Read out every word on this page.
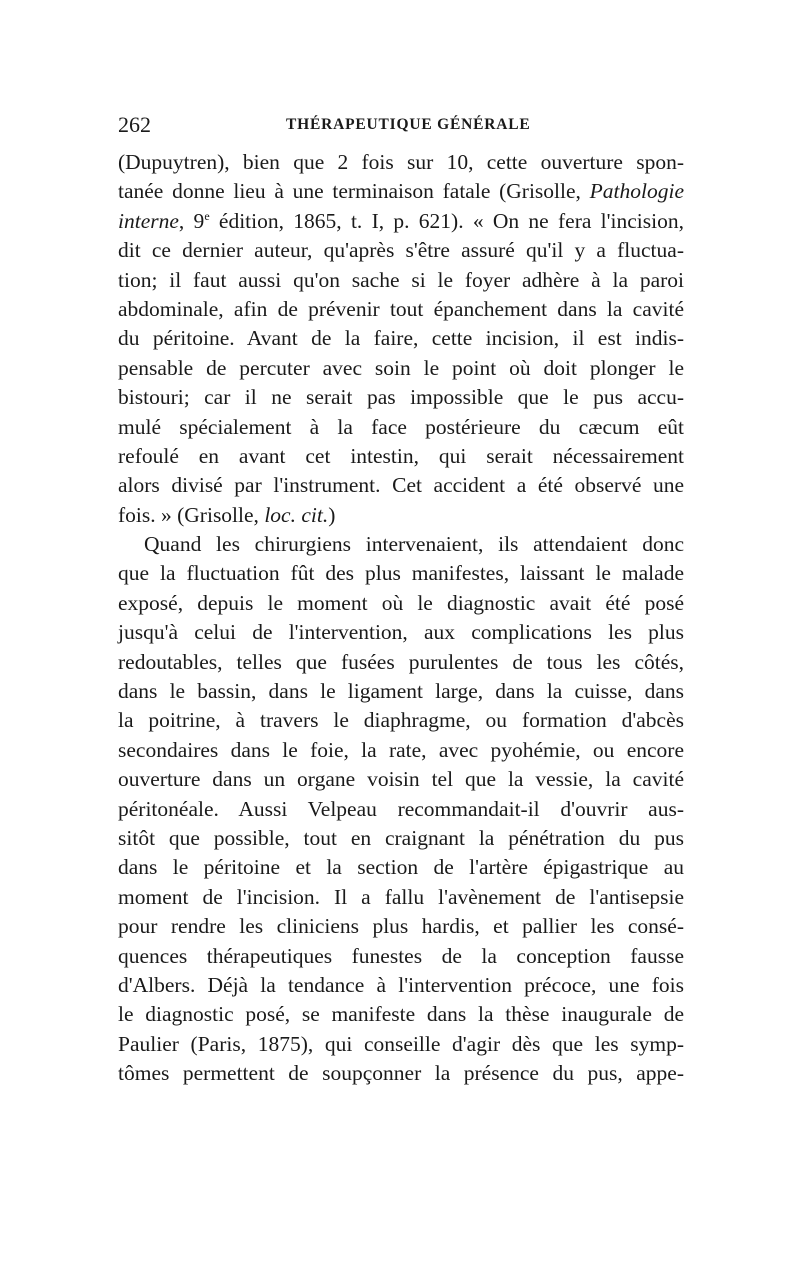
262	THÉRAPEUTIQUE GÉNÉRALE
(Dupuytren), bien que 2 fois sur 10, cette ouverture spon-
tanée donne lieu à une terminaison fatale (Grisolle, Pathologie
interne, 9e édition, 1865, t. I, p. 621). « On ne fera l'incision,
dit ce dernier auteur, qu'après s'être assuré qu'il y a fluctua-
tion; il faut aussi qu'on sache si le foyer adhère à la paroi
abdominale, afin de prévenir tout épanchement dans la cavité
du péritoine. Avant de la faire, cette incision, il est indis-
pensable de percuter avec soin le point où doit plonger le
bistouri; car il ne serait pas impossible que le pus accu-
mulé spécialement à la face postérieure du cæcum eût
refoulé en avant cet intestin, qui serait nécessairement
alors divisé par l'instrument. Cet accident a été observé une
fois. » (Grisolle, loc. cit.)
Quand les chirurgiens intervenaient, ils attendaient donc
que la fluctuation fût des plus manifestes, laissant le malade
exposé, depuis le moment où le diagnostic avait été posé
jusqu'à celui de l'intervention, aux complications les plus
redoutables, telles que fusées purulentes de tous les côtés,
dans le bassin, dans le ligament large, dans la cuisse, dans
la poitrine, à travers le diaphragme, ou formation d'abcès
secondaires dans le foie, la rate, avec pyohémie, ou encore
ouverture dans un organe voisin tel que la vessie, la cavité
péritonéale. Aussi Velpeau recommandait-il d'ouvrir aus-
sitôt que possible, tout en craignant la pénétration du pus
dans le péritoine et la section de l'artère épigastrique au
moment de l'incision. Il a fallu l'avènement de l'antisepsie
pour rendre les cliniciens plus hardis, et pallier les consé-
quences thérapeutiques funestes de la conception fausse
d'Albers. Déjà la tendance à l'intervention précoce, une fois
le diagnostic posé, se manifeste dans la thèse inaugurale de
Paulier (Paris, 1875), qui conseille d'agir dès que les symp-
tômes permettent de soupçonner la présence du pus, appe-
